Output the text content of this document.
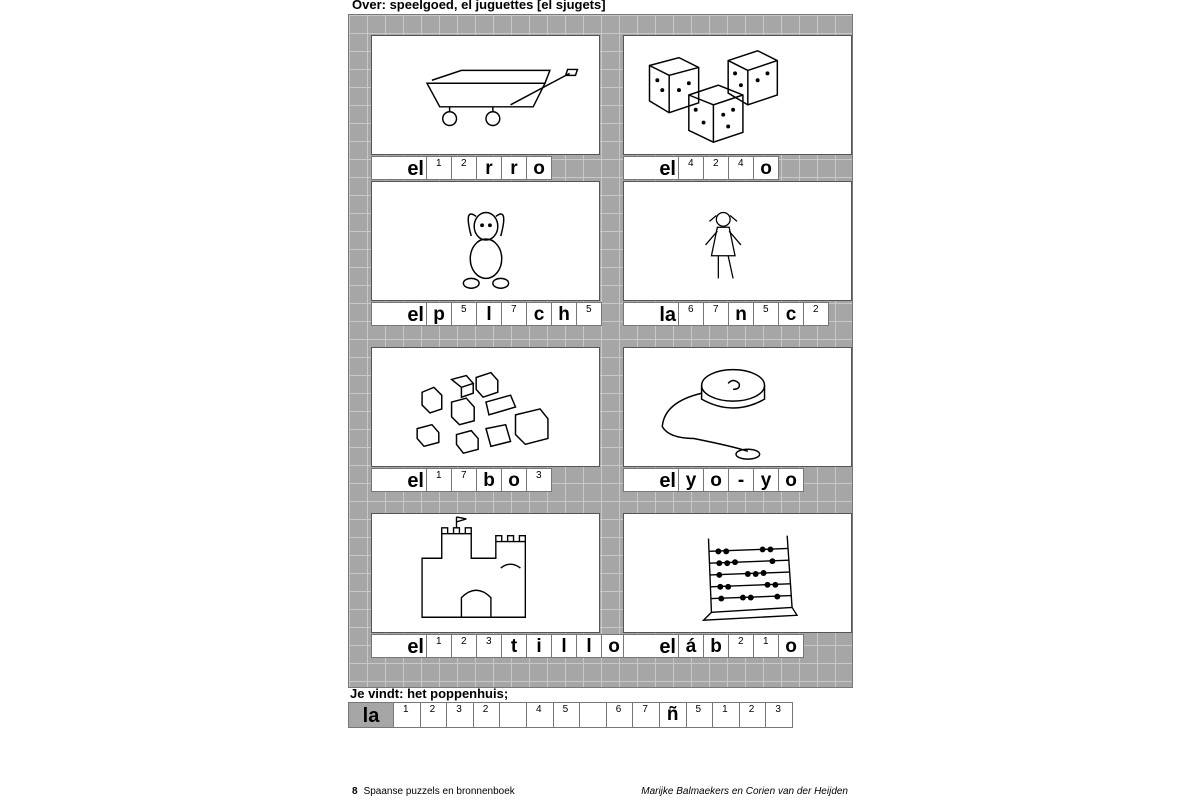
Over: speelgoed, el juguettes [el sjugets]
el	1 2 r r o	el	4 2 4 o
el p	5	l	7 c h	5	la	6 7 n	5 c	2
el	1 7 b o	3	el y o - y o
el	1 2 3	t	i	l	l o	el á b	2 1 o
Je vindt: het poppenhuis;
la	1 2 3 2	4 5	6 7	ñ	5 1 2 3
8 Spaanse puzzels en bronnenboek	Marijke Balmaekers en Corien van der Heijden
